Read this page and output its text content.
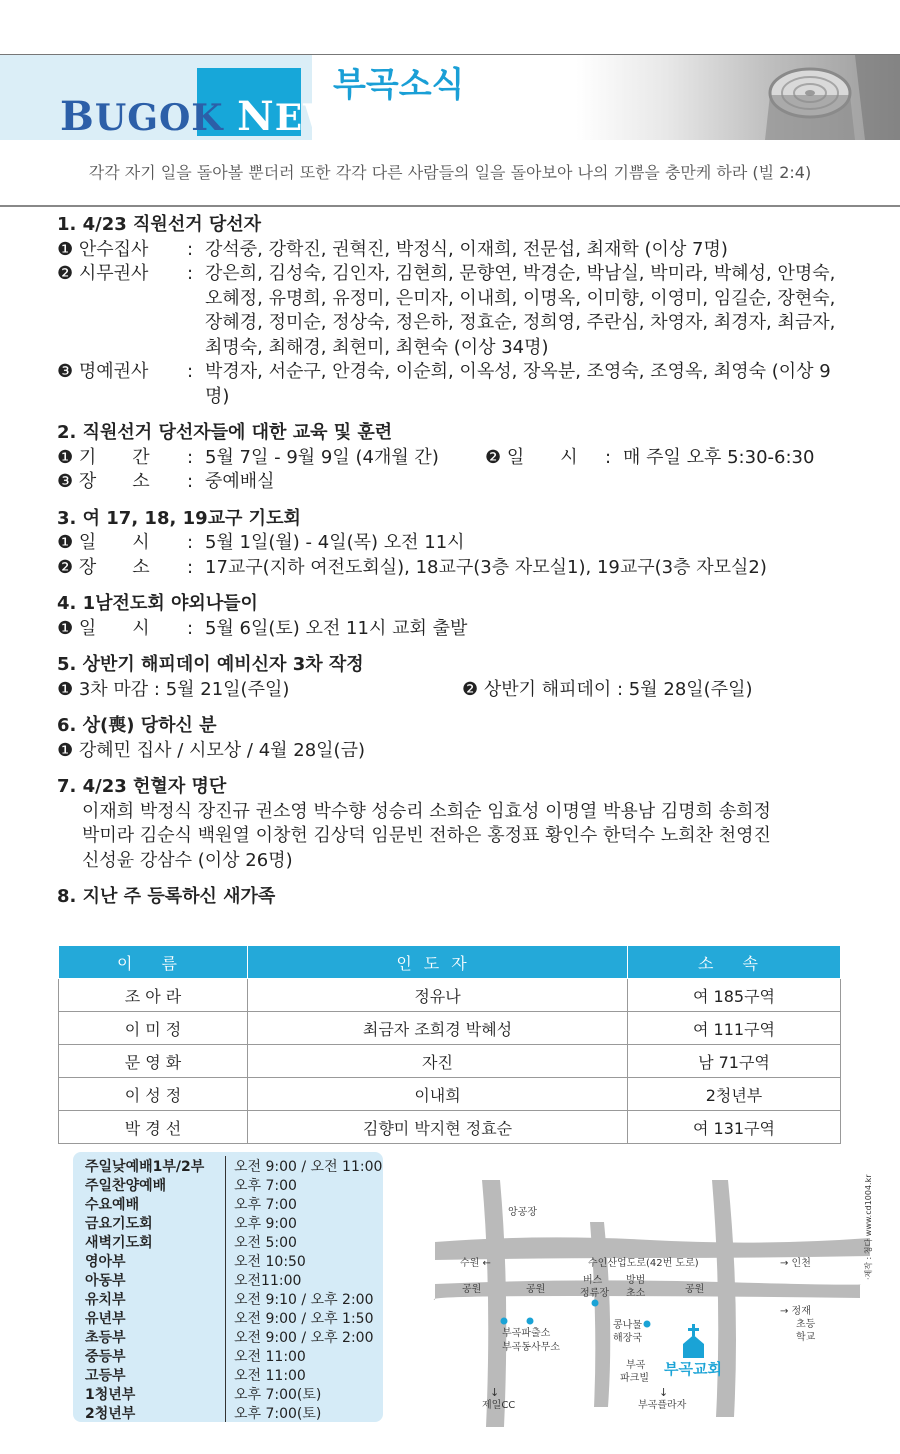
BUGOK NEWS
부곡소식
각각 자기 일을 돌아볼 뿐더러 또한 각각 다른 사람들의 일을 돌아보아 나의 기쁨을 충만케 하라 (빌 2:4)
1. 4/23 직원선거 당선자
❶ 안수집사	: 강석중, 강학진, 권혁진, 박정식, 이재희, 전문섭, 최재학 (이상 7명)
❷ 시무권사	: 강은희, 김성숙, 김인자, 김현희, 문향연, 박경순, 박남실, 박미라, 박혜성, 안명숙, 오혜정, 유명희, 유정미, 은미자, 이내희, 이명옥, 이미향, 이영미, 임길순, 장현숙, 장혜경, 정미순, 정상숙, 정은하, 정효순, 정희영, 주란심, 차영자, 최경자, 최금자, 최명숙, 최해경, 최현미, 최현숙 (이상 34명)
❸ 명예권사	: 박경자, 서순구, 안경숙, 이순희, 이옥성, 장옥분, 조영숙, 조영옥, 최영숙 (이상 9명)
2. 직원선거 당선자들에 대한 교육 및 훈련
❶ 기　　간	: 5월 7일 - 9월 9일 (4개월 간)	❷ 일　　시	: 매 주일 오후 5:30-6:30
❸ 장　　소	: 중예배실
3. 여 17, 18, 19교구 기도회
❶ 일　　시	: 5월 1일(월) - 4일(목) 오전 11시
❷ 장　　소	: 17교구(지하 여전도회실), 18교구(3층 자모실1), 19교구(3층 자모실2)
4. 1남전도회 야외나들이
❶ 일　　시	: 5월 6일(토) 오전 11시 교회 출발
5. 상반기 해피데이 예비신자 3차 작정
❶ 3차 마감 : 5월 21일(주일)	❷ 상반기 해피데이 : 5월 28일(주일)
6. 상(喪) 당하신 분
❶ 강혜민 집사 / 시모상 / 4월 28일(금)
7. 4/23 헌혈자 명단
이재희 박정식 장진규 권소영 박수향 성승리 소희순 임효성 이명열 박용남 김명희 송희정
박미라 김순식 백원열 이창헌 김상덕 임문빈 전하은 홍정표 황인수 한덕수 노희찬 천영진
신성윤 강삼수 (이상 26명)
8. 지난 주 등록하신 새가족
이 름	인도자	소 속
조 아 라	정유나	여 185구역
이 미 정	최금자 조희경 박혜성	여 111구역
문 영 화	자진	남 71구역
이 성 정	이내희	2청년부
박 경 선	김향미 박지현 정효순	여 131구역
주일낮예배1부/2부	오전 9:00 / 오전 11:00
주일찬양예배	오후 7:00
수요예배	오후 7:00
금요기도회	오후 9:00
새벽기도회	오전 5:00
영아부	오전 10:50
아동부	오전11:00
유치부	오전 9:10 / 오후 2:00
유년부	오전 9:00 / 오후 1:50
초등부	오전 9:00 / 오후 2:00
중등부	오전 11:00
고등부	오전 11:00
1청년부	오후 7:00(토)
2청년부	오후 7:00(토)
앙공장
수원 ←	수인산업도로(42번 도로)	→ 인천
공원	공원	공원
버스
정류장
방범
초소
부곡파출소
부곡동사무소
콩나물
해장국
→ 정재
초등
학교
부곡
파크빌
부곡교회
↓	↓
제일CC	부곡플라자
·제작 : 청다 www.cd1004.kr
